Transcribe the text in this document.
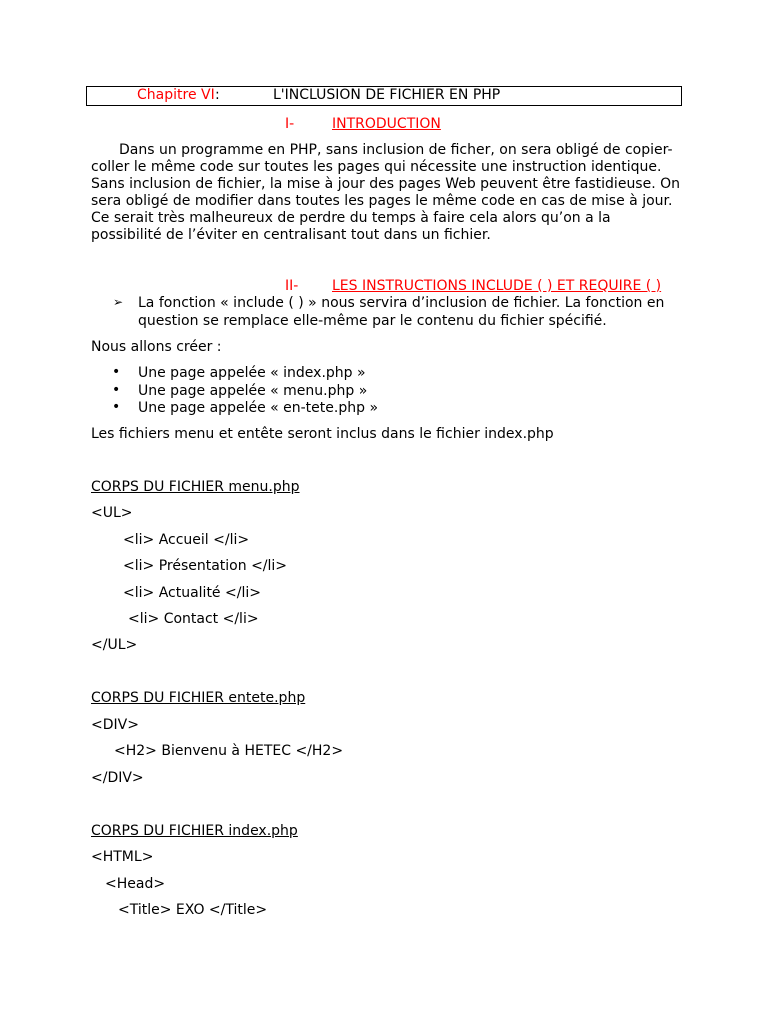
Chapitre VI :	L'INCLUSION DE FICHIER EN PHP
I-	INTRODUCTION

Dans un programme en PHP, sans inclusion de ficher, on sera obligé de copier-coller le même code sur toutes les pages qui nécessite une instruction identique. Sans inclusion de fichier, la mise à jour des pages Web peuvent être fastidieuse. On sera obligé de modifier dans toutes les pages le même code en cas de mise à jour. Ce serait très malheureux de perdre du temps à faire cela alors qu’on a la possibilité de l’éviter en centralisant tout dans un fichier.

II- LES INSTRUCTIONS INCLUDE ( ) ET REQUIRE ( )
➢ La fonction « include ( ) » nous servira d’inclusion de fichier. La fonction en
question se remplace elle-même par le contenu du fichier spécifié.
Nous allons créer :
• Une page appelée « index.php »
• Une page appelée « menu.php »
• Une page appelée « en-tete.php »
Les fichiers menu et entête seront inclus dans le fichier index.php
CORPS DU FICHIER menu.php
<UL>
<li> Accueil </li>
<li> Présentation </li>
<li> Actualité </li>
<li> Contact </li>
</UL>
CORPS DU FICHIER entete.php
<DIV>
<H2> Bienvenu à HETEC </H2>
</DIV>
CORPS DU FICHIER index.php
<HTML>
<Head>
<Title> EXO </Title>
